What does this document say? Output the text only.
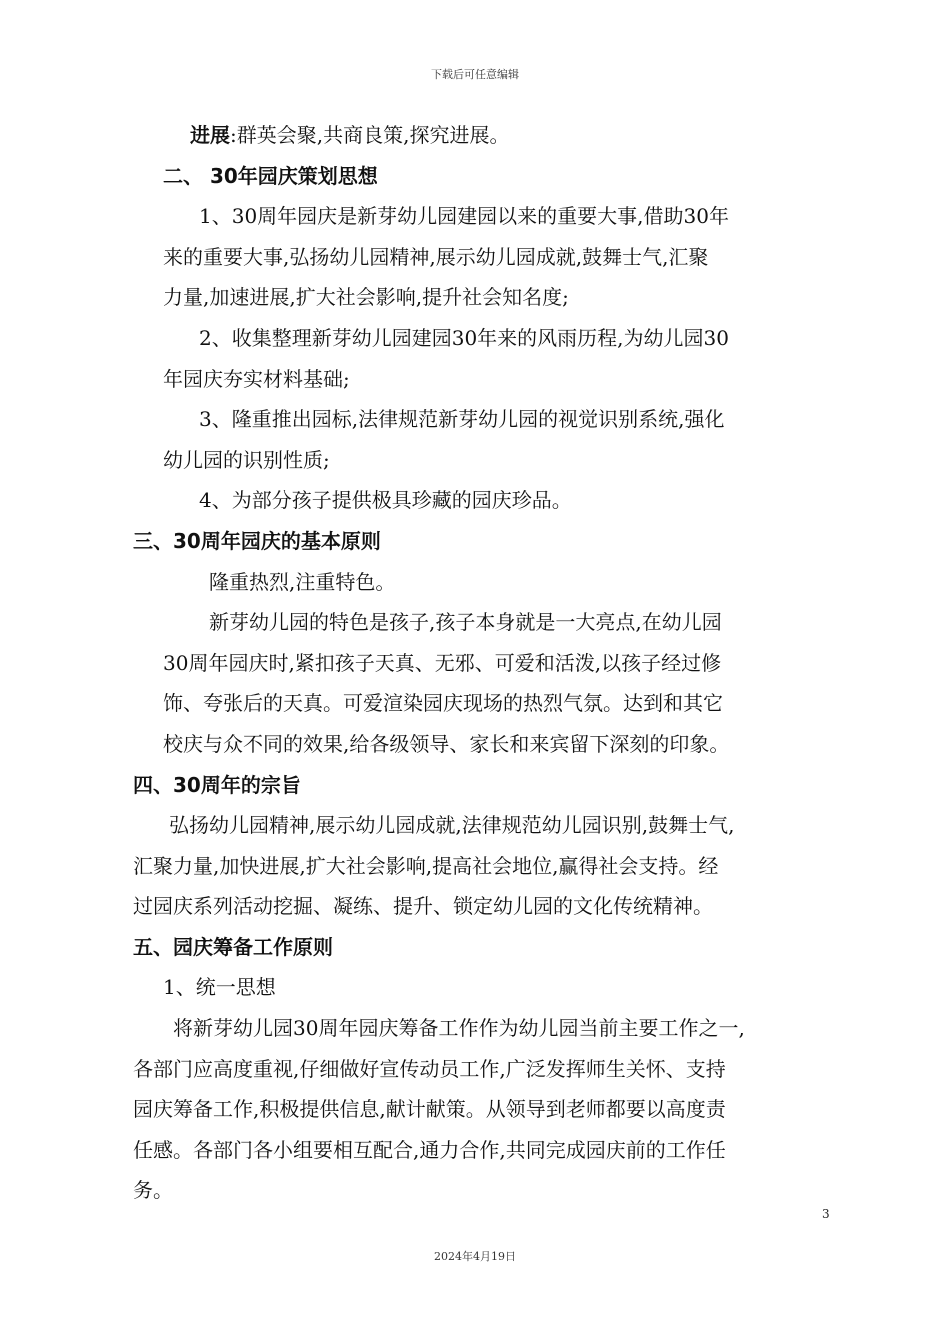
下载后可任意编辑
进展:群英会聚,共商良策,探究进展。
二、 30年园庆策划思想
1、30周年园庆是新芽幼儿园建园以来的重要大事,借助30年
来的重要大事,弘扬幼儿园精神,展示幼儿园成就,鼓舞士气,汇聚
力量,加速进展,扩大社会影响,提升社会知名度;
2、收集整理新芽幼儿园建园30年来的风雨历程,为幼儿园30
年园庆夯实材料基础;
3、隆重推出园标,法律规范新芽幼儿园的视觉识别系统,强化
幼儿园的识别性质;
4、为部分孩子提供极具珍藏的园庆珍品。
三、30周年园庆的基本原则
隆重热烈,注重特色。
新芽幼儿园的特色是孩子,孩子本身就是一大亮点,在幼儿园
30周年园庆时,紧扣孩子天真、无邪、可爱和活泼,以孩子经过修
饰、夸张后的天真。可爱渲染园庆现场的热烈气氛。达到和其它
校庆与众不同的效果,给各级领导、家长和来宾留下深刻的印象。
四、30周年的宗旨
弘扬幼儿园精神,展示幼儿园成就,法律规范幼儿园识别,鼓舞士气,
汇聚力量,加快进展,扩大社会影响,提高社会地位,赢得社会支持。经
过园庆系列活动挖掘、凝练、提升、锁定幼儿园的文化传统精神。
五、园庆筹备工作原则
1、统一思想
将新芽幼儿园30周年园庆筹备工作作为幼儿园当前主要工作之一,
各部门应高度重视,仔细做好宣传动员工作,广泛发挥师生关怀、支持
园庆筹备工作,积极提供信息,献计献策。从领导到老师都要以高度责
任感。各部门各小组要相互配合,通力合作,共同完成园庆前的工作任
务。
3
2024年4月19日
